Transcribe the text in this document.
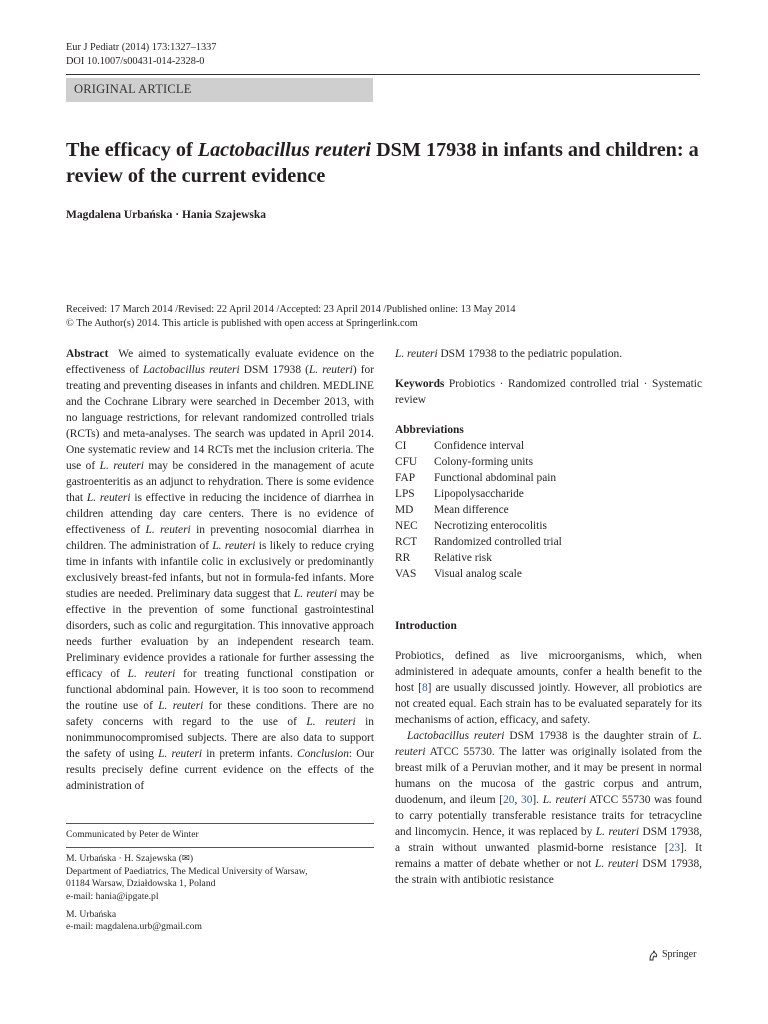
Eur J Pediatr (2014) 173:1327–1337
DOI 10.1007/s00431-014-2328-0
ORIGINAL ARTICLE
The efficacy of Lactobacillus reuteri DSM 17938 in infants and children: a review of the current evidence
Magdalena Urbańska · Hania Szajewska
Received: 17 March 2014 /Revised: 22 April 2014 /Accepted: 23 April 2014 /Published online: 13 May 2014
© The Author(s) 2014. This article is published with open access at Springerlink.com

Abstract We aimed to systematically evaluate evidence on the effectiveness of Lactobacillus reuteri DSM 17938 (L. reuteri) for treating and preventing diseases in infants and children. MEDLINE and the Cochrane Library were searched in December 2013, with no language restrictions, for relevant randomized controlled trials (RCTs) and meta-analyses. The search was updated in April 2014. One systematic review and 14 RCTs met the inclusion criteria. The use of L. reuteri may be considered in the management of acute gastroenteritis as an adjunct to rehydration. There is some evidence that L. reuteri is effective in reducing the incidence of diarrhea in children attending day care centers. There is no evidence of effectiveness of L. reuteri in preventing nosocomial diarrhea in children. The administration of L. reuteri is likely to reduce crying time in infants with infantile colic in exclusively or predominantly exclusively breast-fed infants, but not in formula-fed infants. More studies are needed. Preliminary data suggest that L. reuteri may be effective in the prevention of some functional gastrointestinal disorders, such as colic and regurgitation. This innovative approach needs further evaluation by an independent research team. Preliminary evidence provides a rationale for further assessing the efficacy of L. reuteri for treating functional constipation or functional abdominal pain. However, it is too soon to recommend the routine use of L. reuteri for these conditions. There are no safety concerns with regard to the use of L. reuteri in nonimmunocompromised subjects. There are also data to support the safety of using L. reuteri in preterm infants. Conclusion: Our results precisely define current evidence on the effects of the administration of

L. reuteri DSM 17938 to the pediatric population.

Keywords Probiotics · Randomized controlled trial · Systematic review

Abbreviations

CI	Confidence interval
CFU	Colony-forming units
FAP	Functional abdominal pain
LPS	Lipopolysaccharide
MD	Mean difference
NEC	Necrotizing enterocolitis
RCT	Randomized controlled trial
RR	Relative risk
VAS	Visual analog scale

Introduction

Probiotics, defined as live microorganisms, which, when administered in adequate amounts, confer a health benefit to the host [8] are usually discussed jointly. However, all probiotics are not created equal. Each strain has to be evaluated separately for its mechanisms of action, efficacy, and safety.

Lactobacillus reuteri DSM 17938 is the daughter strain of L. reuteri ATCC 55730. The latter was originally isolated from the breast milk of a Peruvian mother, and it may be present in normal humans on the mucosa of the gastric corpus and antrum, duodenum, and ileum [20, 30]. L. reuteri ATCC 55730 was found to carry potentially transferable resistance traits for tetracycline and lincomycin. Hence, it was replaced by L. reuteri DSM 17938, a strain without unwanted plasmid-borne resistance [23]. It remains a matter of debate whether or not L. reuteri DSM 17938, the strain with antibiotic resistance

Communicated by Peter de Winter
M. Urbańska · H. Szajewska (✉)
Department of Paediatrics, The Medical University of Warsaw,
01184 Warsaw, Działdowska 1, Poland
e-mail: hania@ipgate.pl
M. Urbańska
e-mail: magdalena.urb@gmail.com
Springer
